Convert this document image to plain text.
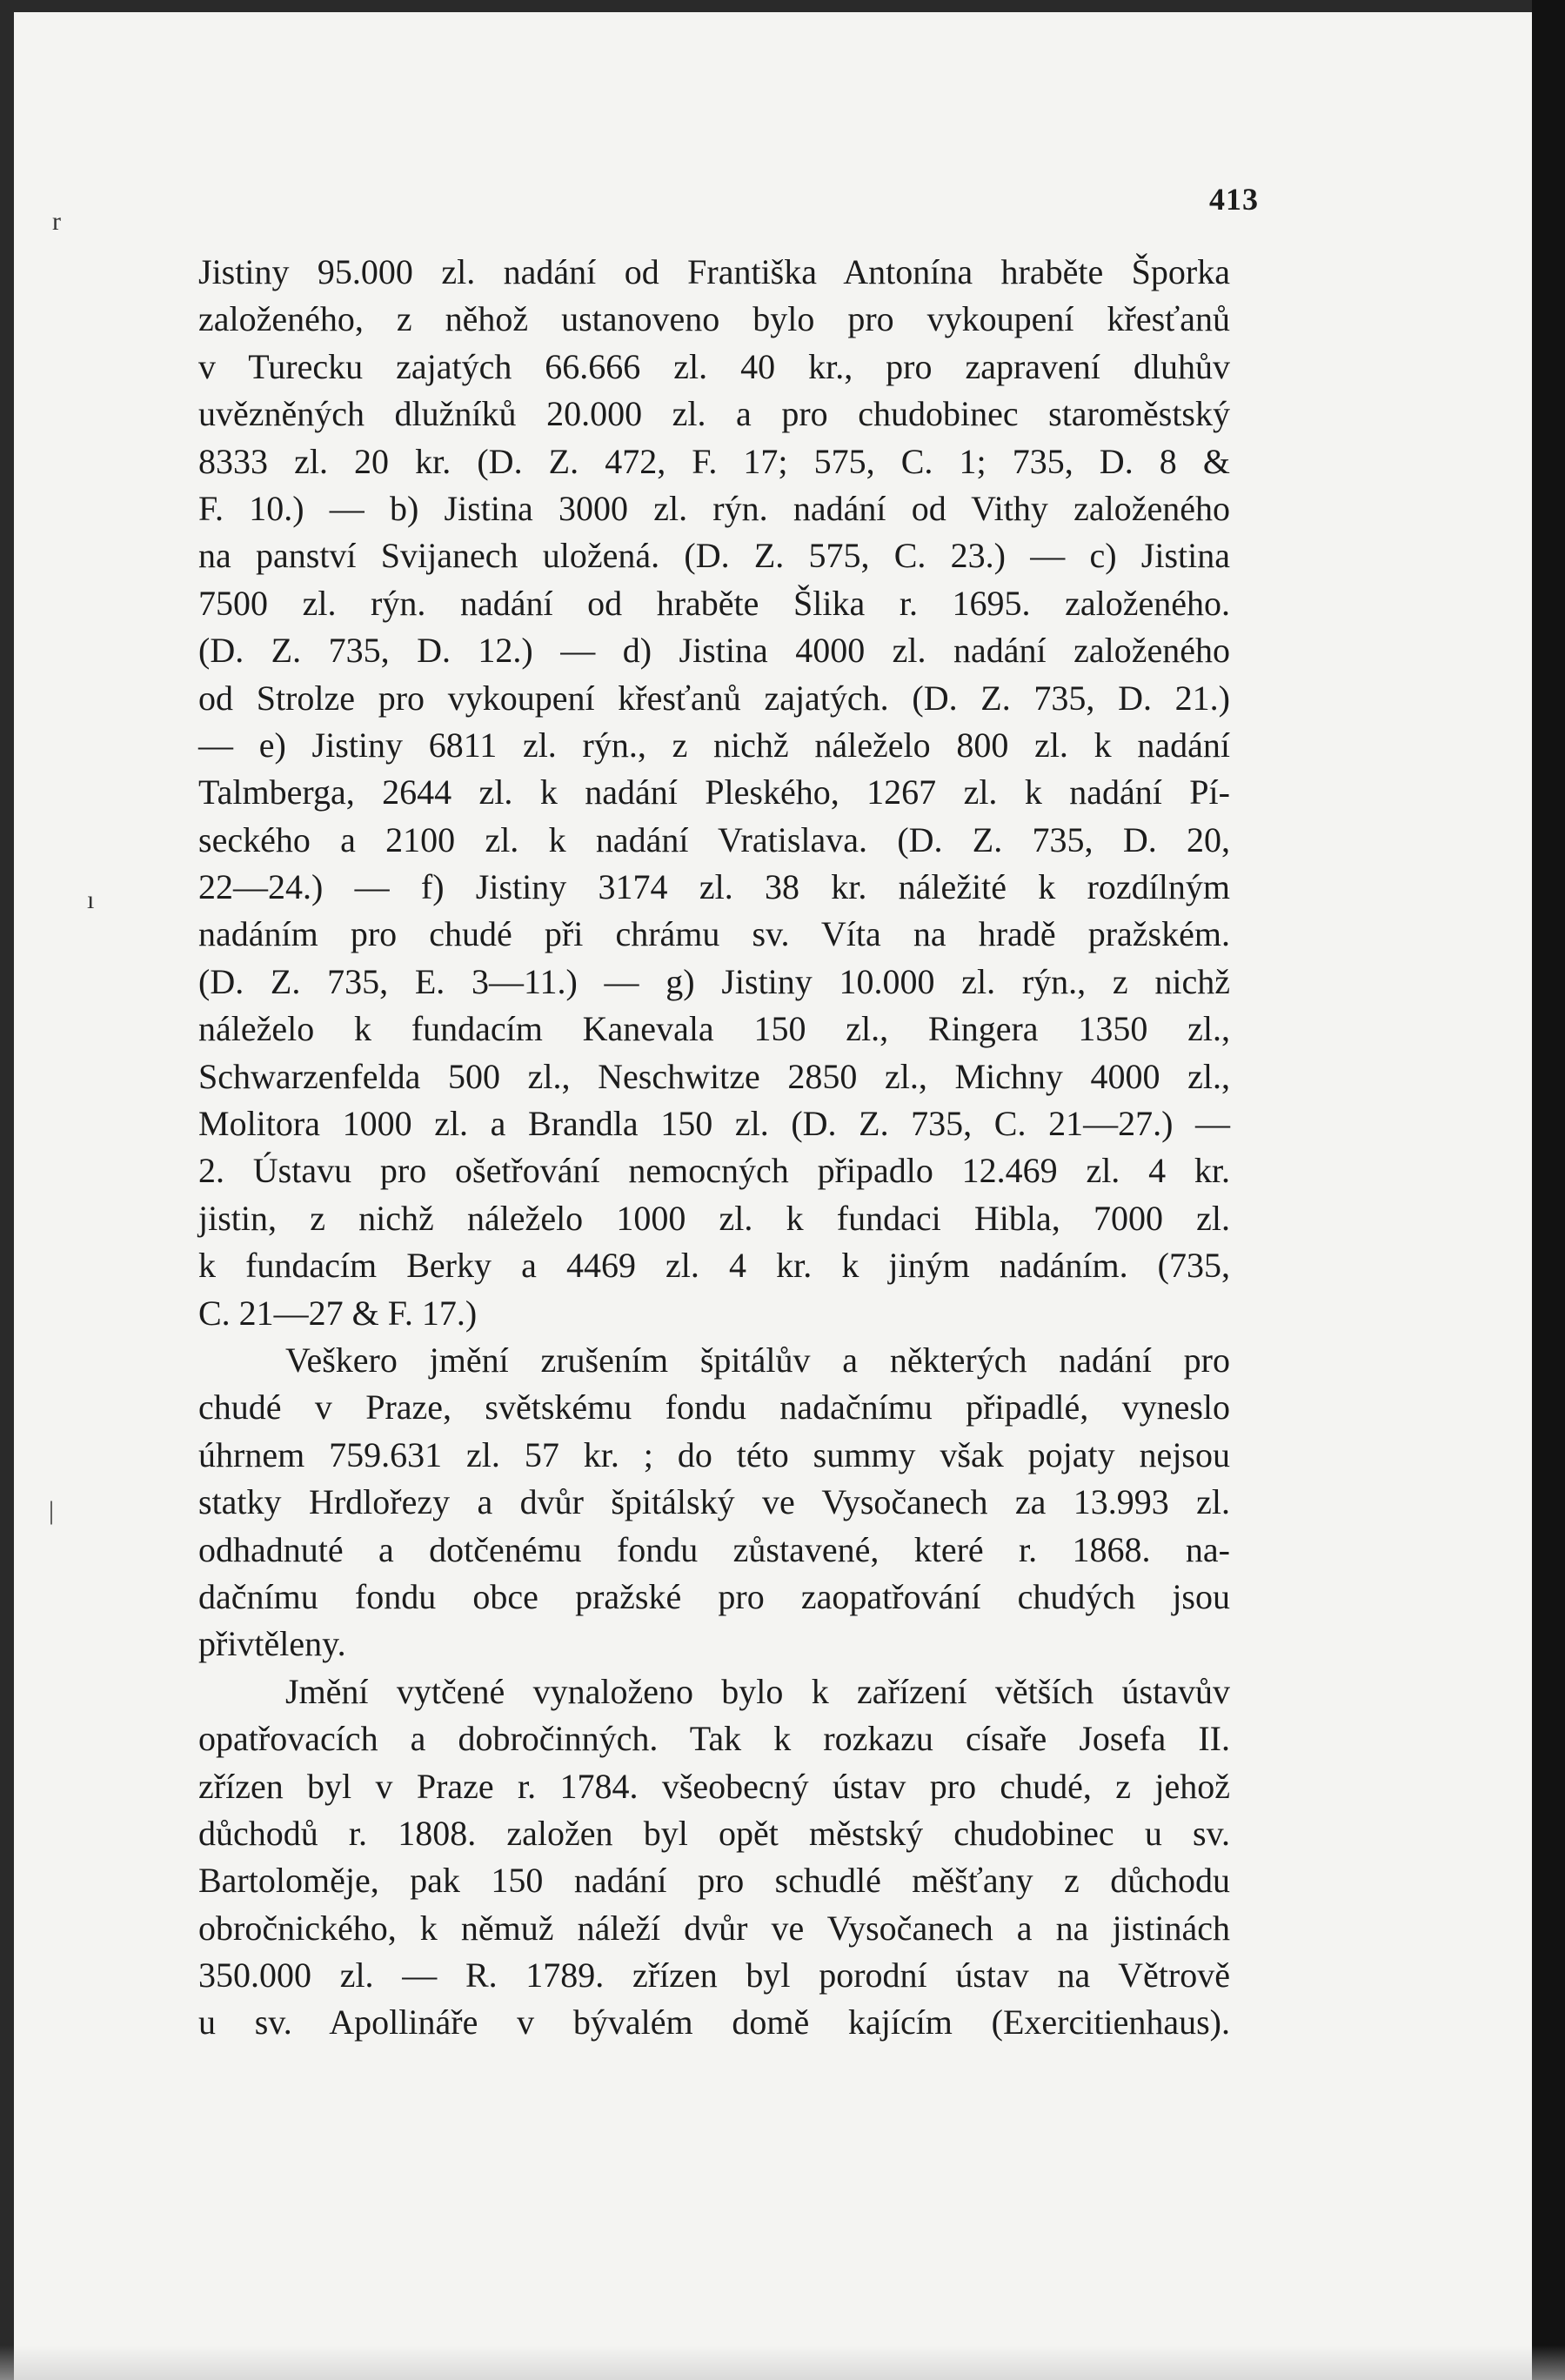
r
ı
|
413
Jistiny 95.000 zl. nadání od Františka Antonína hraběte Šporka
založeného, z něhož ustanoveno bylo pro vykoupení křesťanů
v Turecku zajatých 66.666 zl. 40 kr., pro zapravení dluhův
uvězněných dlužníků 20.000 zl. a pro chudobinec staroměstský
8333 zl. 20 kr. (D. Z. 472, F. 17; 575, C. 1; 735, D. 8 &
F. 10.) — b) Jistina 3000 zl. rýn. nadání od Vithy založeného
na panství Svijanech uložená. (D. Z. 575, C. 23.) — c) Jistina
7500 zl. rýn. nadání od hraběte Šlika r. 1695. založeného.
(D. Z. 735, D. 12.) — d) Jistina 4000 zl. nadání založeného
od Strolze pro vykoupení křesťanů zajatých. (D. Z. 735, D. 21.)
— e) Jistiny 6811 zl. rýn., z nichž náleželo 800 zl. k nadání
Talmberga, 2644 zl. k nadání Pleského, 1267 zl. k nadání Pí-
seckého a 2100 zl. k nadání Vratislava. (D. Z. 735, D. 20,
22—24.) — f) Jistiny 3174 zl. 38 kr. náležité k rozdílným
nadáním pro chudé při chrámu sv. Víta na hradě pražském.
(D. Z. 735, E. 3—11.) — g) Jistiny 10.000 zl. rýn., z nichž
náleželo k fundacím Kanevala 150 zl., Ringera 1350 zl.,
Schwarzenfelda 500 zl., Neschwitze 2850 zl., Michny 4000 zl.,
Molitora 1000 zl. a Brandla 150 zl. (D. Z. 735, C. 21—27.) —
2. Ústavu pro ošetřování nemocných připadlo 12.469 zl. 4 kr.
jistin, z nichž náleželo 1000 zl. k fundaci Hibla, 7000 zl.
k fundacím Berky a 4469 zl. 4 kr. k jiným nadáním. (735,
C. 21—27 & F. 17.)
Veškero jmění zrušením špitálův a některých nadání pro
chudé v Praze, světskému fondu nadačnímu připadlé, vyneslo
úhrnem 759.631 zl. 57 kr. ; do této summy však pojaty nejsou
statky Hrdlořezy a dvůr špitálský ve Vysočanech za 13.993 zl.
odhadnuté a dotčenému fondu zůstavené, které r. 1868. na-
dačnímu fondu obce pražské pro zaopatřování chudých jsou
přivtěleny.
Jmění vytčené vynaloženo bylo k zařízení větších ústavův
opatřovacích a dobročinných. Tak k rozkazu císaře Josefa II.
zřízen byl v Praze r. 1784. všeobecný ústav pro chudé, z jehož
důchodů r. 1808. založen byl opět městský chudobinec u sv.
Bartoloměje, pak 150 nadání pro schudlé měšťany z důchodu
obročnického, k němuž náleží dvůr ve Vysočanech a na jistinách
350.000 zl. — R. 1789. zřízen byl porodní ústav na Větrově
u sv. Apollináře v bývalém domě kajícím (Exercitienhaus).
